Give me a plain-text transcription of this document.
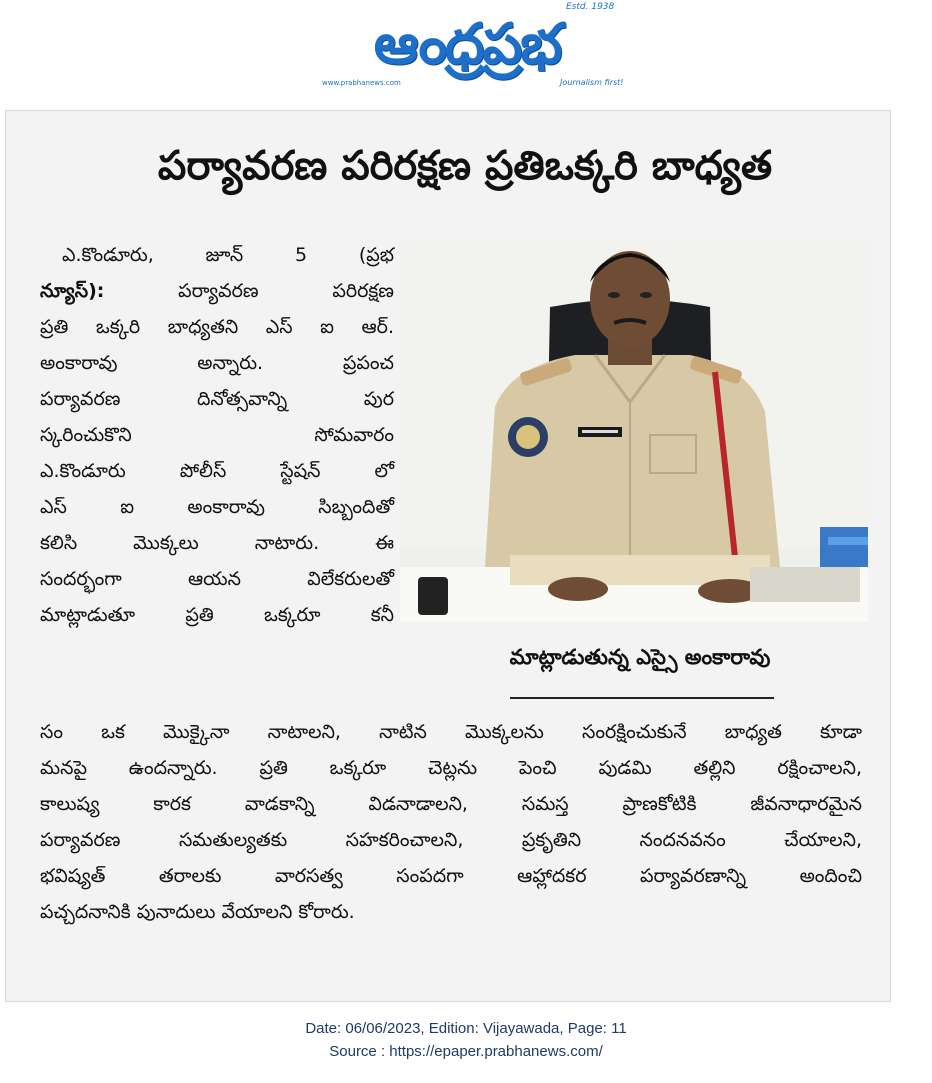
ఆంధ్రప్రభ
Estd. 1938
www.prabhanews.com	Journalism first!
పర్యావరణ పరిరక్షణ ప్రతిఒక్కరి బాధ్యత
మాట్లాడుతున్న ఎస్సై అంకారావు
ఎ.కొండూరు, జూన్ 5 (ప్రభ
న్యూస్):	పర్యావరణ పరిరక్షణ
ప్రతి ఒక్కరి బాధ్యతని ఎస్ ఐ ఆర్.
అంకారావు అన్నారు. ప్రపంచ
పర్యావరణ దినోత్సవాన్ని పుర
స్కరించుకొని సోమవారం
ఎ.కొండూరు పోలీస్ స్టేషన్ లో
ఎస్ ఐ అంకారావు సిబ్బందితో
కలిసి మొక్కలు నాటారు. ఈ
సందర్భంగా ఆయన విలేకరులతో
మాట్లాడుతూ ప్రతి ఒక్కరూ కనీ
సం ఒక మొక్కైనా నాటాలని, నాటిన మొక్కలను సంరక్షించుకునే బాధ్యత కూడా
మనపై ఉందన్నారు. ప్రతి ఒక్కరూ చెట్లను పెంచి పుడమి తల్లిని రక్షించాలని,
కాలుష్య కారక వాడకాన్ని విడనాడాలని, సమస్త ప్రాణకోటికి జీవనాధారమైన
పర్యావరణ సమతుల్యతకు సహకరించాలని, ప్రకృతిని నందనవనం చేయాలని,
భవిష్యత్ తరాలకు వారసత్వ సంపదగా ఆహ్లాదకర పర్యావరణాన్ని అందించి
పచ్చదనానికి పునాదులు వేయాలని కోరారు.
Date: 06/06/2023, Edition: Vijayawada, Page: 11
Source : https://epaper.prabhanews.com/
